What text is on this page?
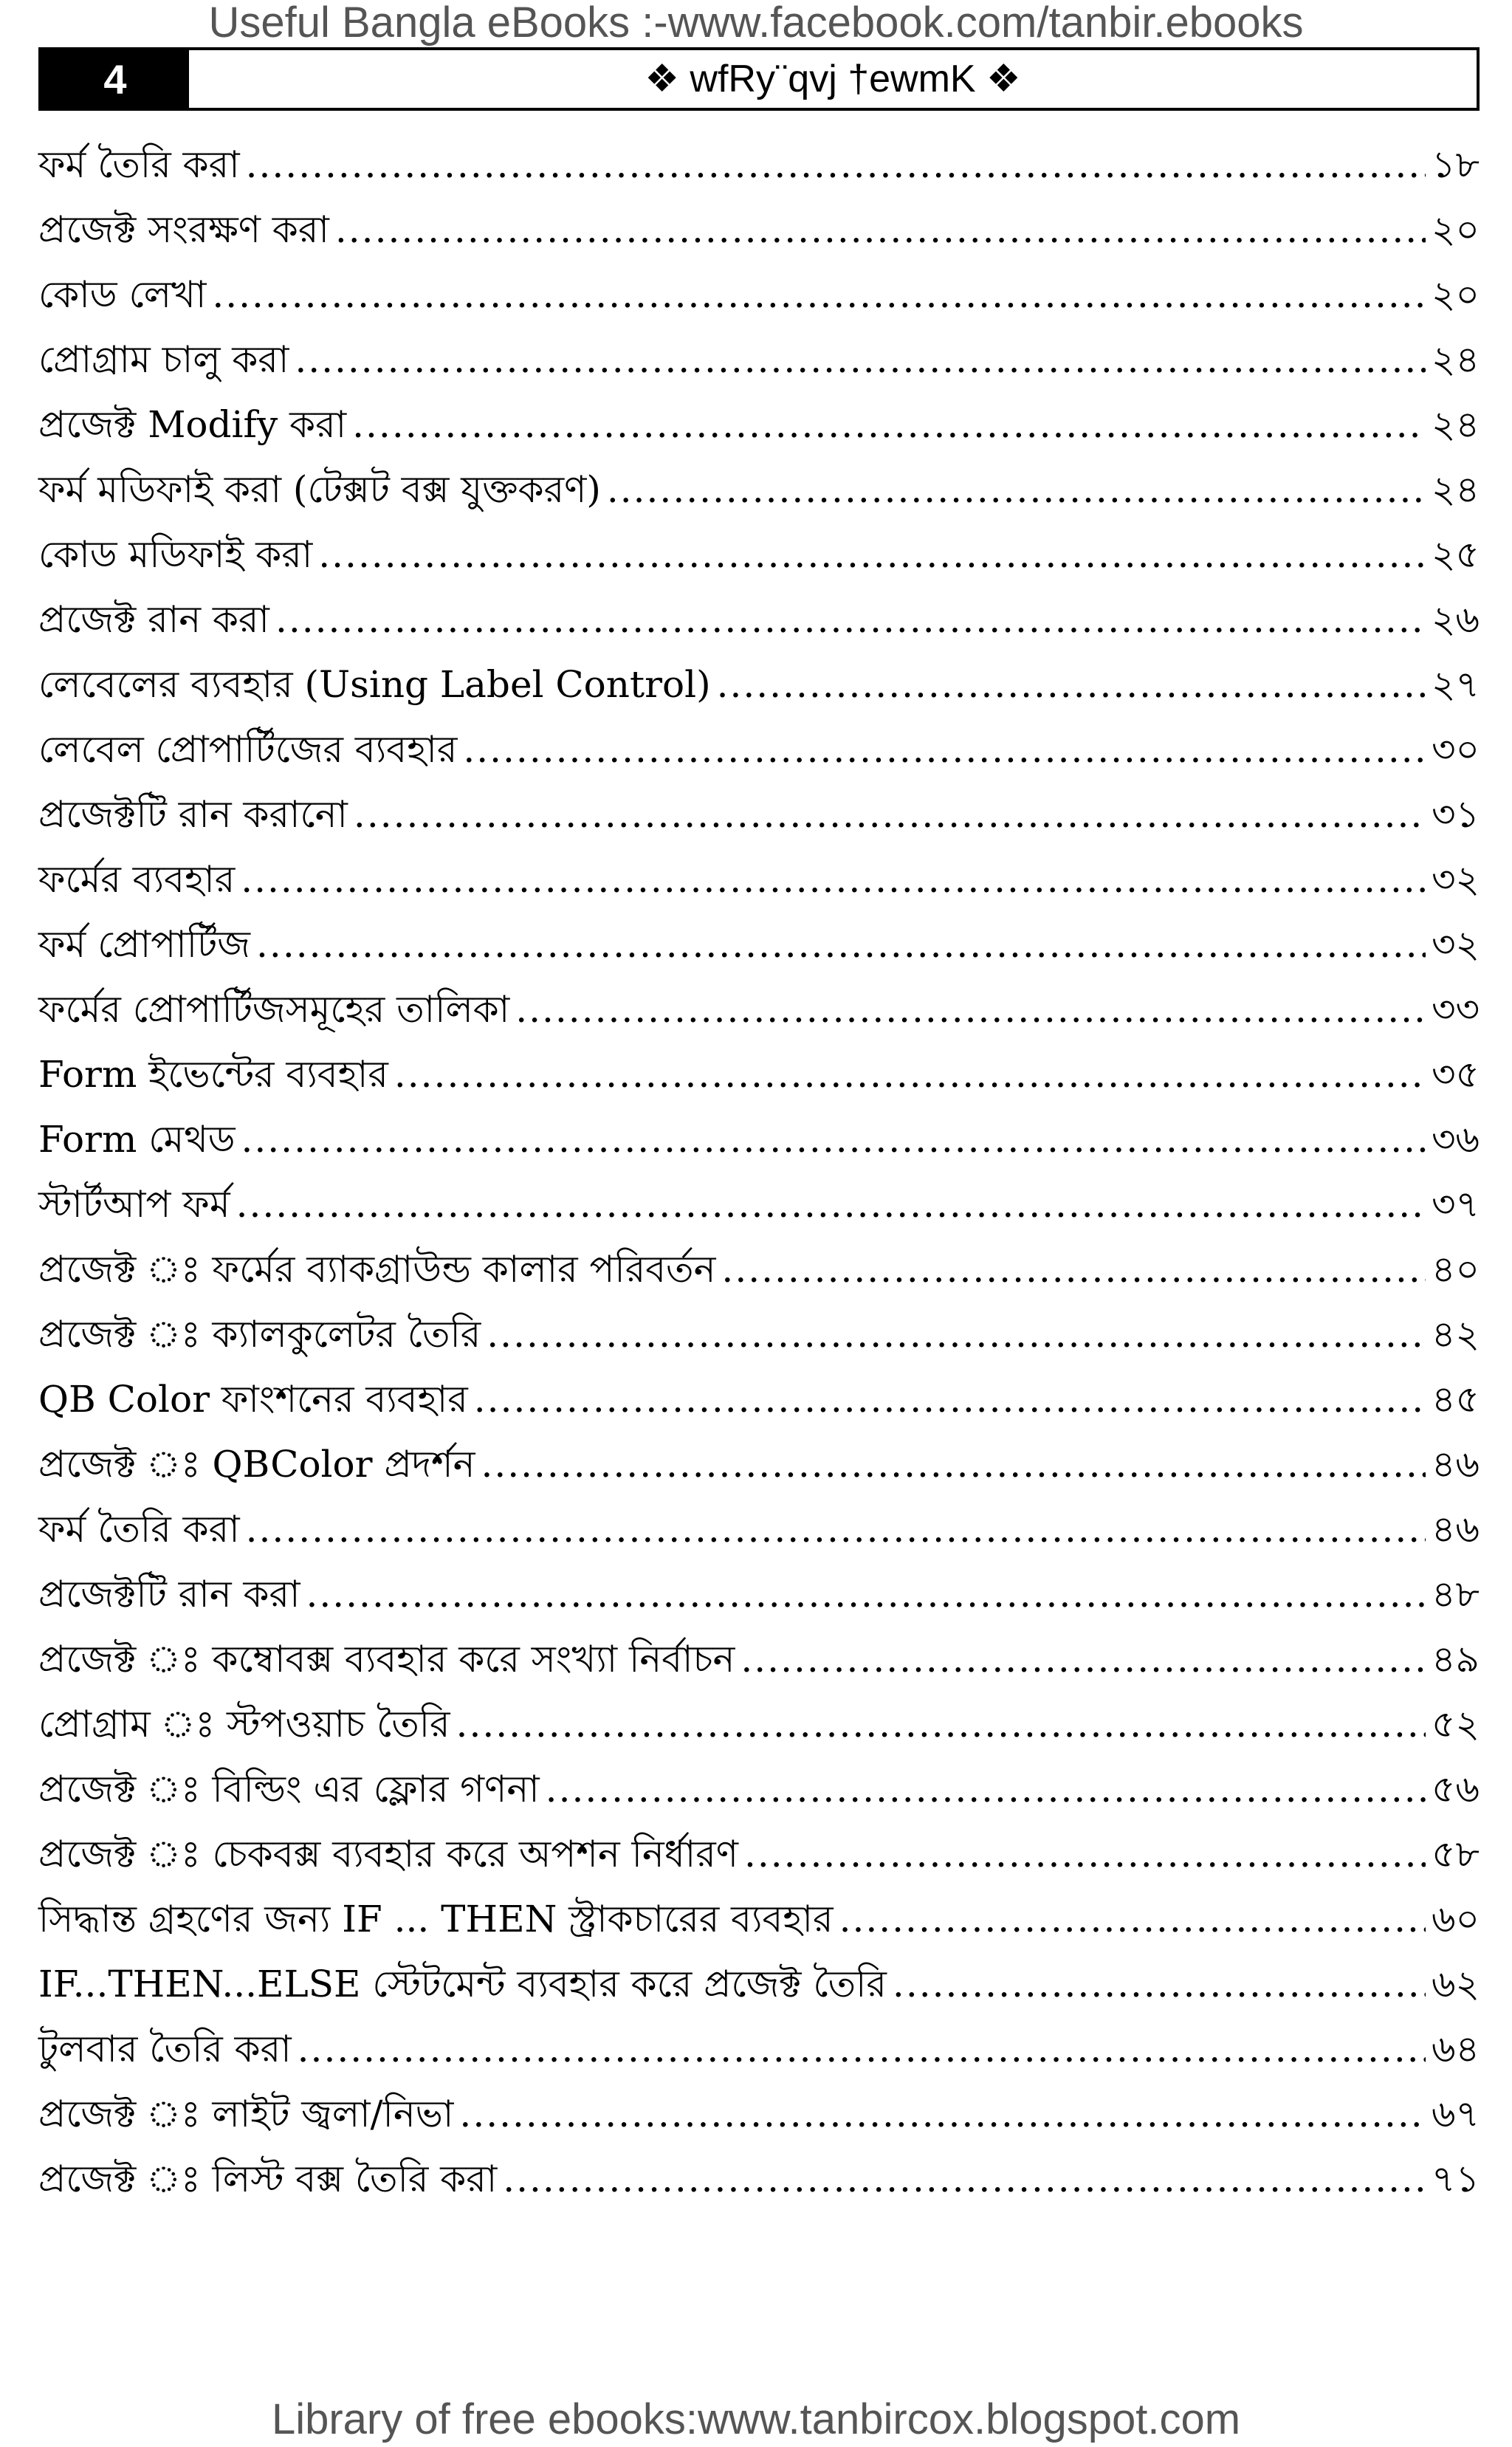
Useful Bangla eBooks :-www.facebook.com/tanbir.ebooks
4	❖ wfRy¨qvj †ewmK ❖
ফর্ম তৈরি করা .....	১৮
প্রজেক্ট সংরক্ষণ করা .....	২০
কোড লেখা .....	২০
প্রোগ্রাম চালু করা .....	২৪
প্রজেক্ট Modify করা .....	২৪
ফর্ম মডিফাই করা (টেক্সট বক্স যুক্তকরণ) .....	২৪
কোড মডিফাই করা .....	২৫
প্রজেক্ট রান করা .....	২৬
লেবেলের ব্যবহার (Using Label Control) .....	২৭
লেবেল প্রোপার্টিজের ব্যবহার .....	৩০
প্রজেক্টটি রান করানো .....	৩১
ফর্মের ব্যবহার .....	৩২
ফর্ম প্রোপার্টিজ .....	৩২
ফর্মের প্রোপার্টিজসমূহের তালিকা .....	৩৩
Form ইভেন্টের ব্যবহার .....	৩৫
Form মেথড .....	৩৬
স্টার্টআপ ফর্ম .....	৩৭
প্রজেক্ট ঃ ফর্মের ব্যাকগ্রাউন্ড কালার পরিবর্তন .....	৪০
প্রজেক্ট ঃ ক্যালকুলেটর তৈরি .....	৪২
QB Color ফাংশনের ব্যবহার .....	৪৫
প্রজেক্ট ঃ QBColor প্রদর্শন .....	৪৬
ফর্ম তৈরি করা .....	৪৬
প্রজেক্টটি রান করা .....	৪৮
প্রজেক্ট ঃ কম্বোবক্স ব্যবহার করে সংখ্যা নির্বাচন .....	৪৯
প্রোগ্রাম ঃ স্টপওয়াচ তৈরি .....	৫২
প্রজেক্ট ঃ বিল্ডিং এর ফ্লোর গণনা .....	৫৬
প্রজেক্ট ঃ চেকবক্স ব্যবহার করে অপশন নির্ধারণ .....	৫৮
সিদ্ধান্ত গ্রহণের জন্য IF ... THEN স্ট্রাকচারের ব্যবহার .....	৬০
IF...THEN...ELSE স্টেটমেন্ট ব্যবহার করে প্রজেক্ট তৈরি .....	৬২
টুলবার তৈরি করা .....	৬৪
প্রজেক্ট ঃ লাইট জ্বলা/নিভা .....	৬৭
প্রজেক্ট ঃ লিস্ট বক্স তৈরি করা .....	৭১
Library of free ebooks:www.tanbircox.blogspot.com
